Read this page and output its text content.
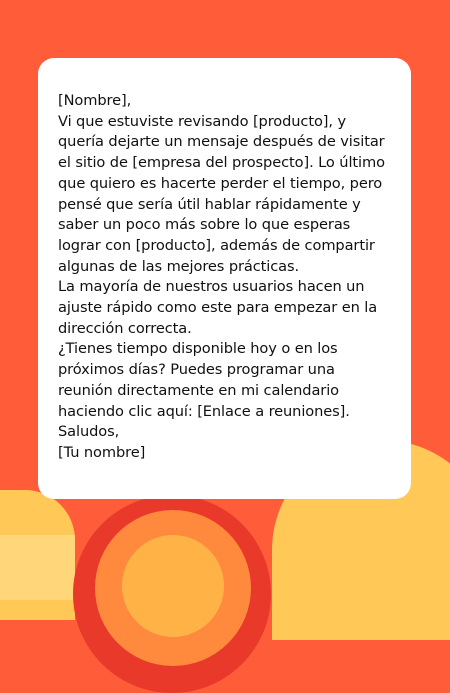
[Nombre],

Vi que estuviste revisando [producto], y quería dejarte un mensaje después de visitar el sitio de [empresa del prospecto]. Lo último que quiero es hacerte perder el tiempo, pero pensé que sería útil hablar rápidamente y saber un poco más sobre lo que esperas lograr con [producto], además de compartir algunas de las mejores prácticas.

La mayoría de nuestros usuarios hacen un ajuste rápido como este para empezar en la dirección correcta.

¿Tienes tiempo disponible hoy o en los próximos días? Puedes programar una reunión directamente en mi calendario haciendo clic aquí: [Enlace a reuniones].

Saludos,

[Tu nombre]
